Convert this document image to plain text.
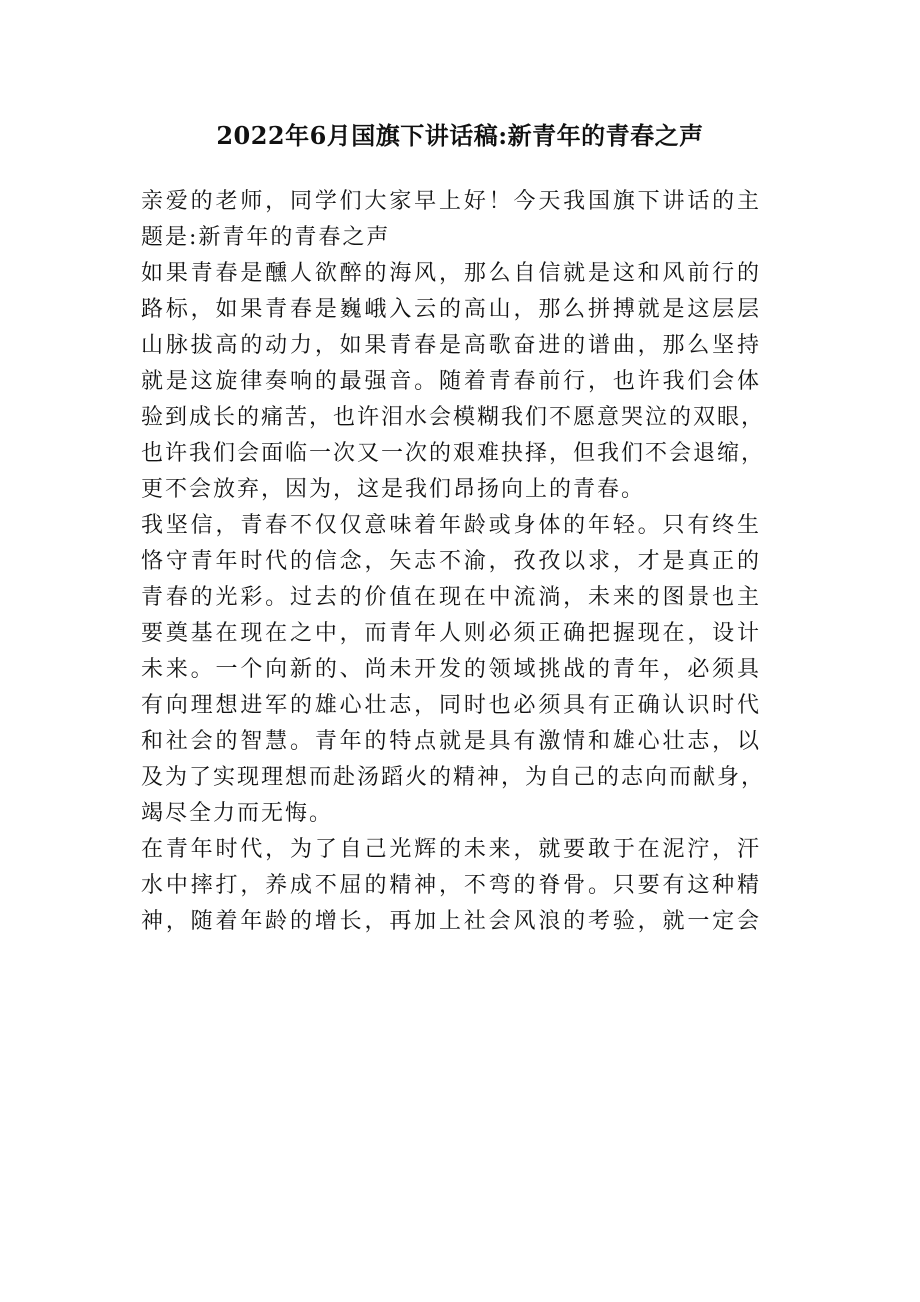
2022年6月国旗下讲话稿:新青年的青春之声
亲爱的老师，同学们大家早上好！今天我国旗下讲话的主
题是:新青年的青春之声
如果青春是醺人欲醉的海风，那么自信就是这和风前行的
路标，如果青春是巍峨入云的高山，那么拼搏就是这层层
山脉拔高的动力，如果青春是高歌奋进的谱曲，那么坚持
就是这旋律奏响的最强音。随着青春前行，也许我们会体
验到成长的痛苦，也许泪水会模糊我们不愿意哭泣的双眼，
也许我们会面临一次又一次的艰难抉择，但我们不会退缩，
更不会放弃，因为，这是我们昂扬向上的青春。
我坚信，青春不仅仅意味着年龄或身体的年轻。只有终生
恪守青年时代的信念，矢志不渝，孜孜以求，才是真正的
青春的光彩。过去的价值在现在中流淌，未来的图景也主
要奠基在现在之中，而青年人则必须正确把握现在，设计
未来。一个向新的、尚未开发的领域挑战的青年，必须具
有向理想进军的雄心壮志，同时也必须具有正确认识时代
和社会的智慧。青年的特点就是具有激情和雄心壮志，以
及为了实现理想而赴汤蹈火的精神，为自己的志向而献身，
竭尽全力而无悔。
在青年时代，为了自己光辉的未来，就要敢于在泥泞，汗
水中摔打，养成不屈的精神，不弯的脊骨。只要有这种精
神，随着年龄的增长，再加上社会风浪的考验，就一定会
